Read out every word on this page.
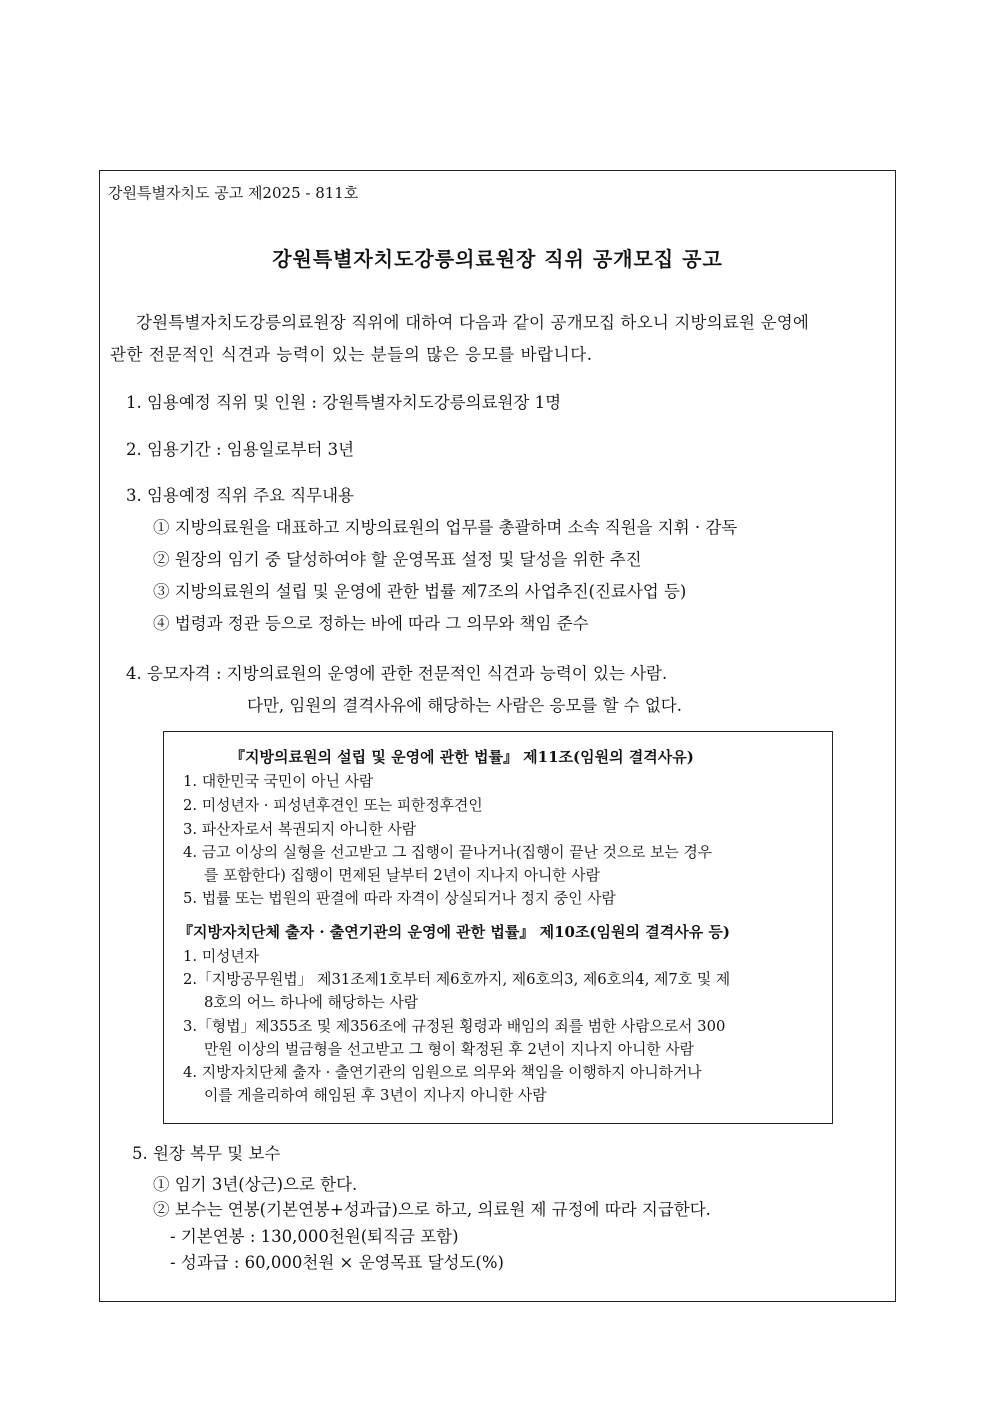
강원특별자치도 공고 제2025 - 811호
강원특별자치도강릉의료원장 직위 공개모집 공고
강원특별자치도강릉의료원장 직위에 대하여 다음과 같이 공개모집 하오니 지방의료원 운영에
관한 전문적인 식견과 능력이 있는 분들의 많은 응모를 바랍니다.
1. 임용예정 직위 및 인원 : 강원특별자치도강릉의료원장 1명
2. 임용기간 : 임용일로부터 3년
3. 임용예정 직위 주요 직무내용
① 지방의료원을 대표하고 지방의료원의 업무를 총괄하며 소속 직원을 지휘 · 감독
② 원장의 임기 중 달성하여야 할 운영목표 설정 및 달성을 위한 추진
③ 지방의료원의 설립 및 운영에 관한 법률 제7조의 사업추진(진료사업 등)
④ 법령과 정관 등으로 정하는 바에 따라 그 의무와 책임 준수
4. 응모자격 : 지방의료원의 운영에 관한 전문적인 식견과 능력이 있는 사람.
다만, 임원의 결격사유에 해당하는 사람은 응모를 할 수 없다.
『지방의료원의 설립 및 운영에 관한 법률』 제11조(임원의 결격사유)
1. 대한민국 국민이 아닌 사람
2. 미성년자 · 피성년후견인 또는 피한정후견인
3. 파산자로서 복권되지 아니한 사람
4. 금고 이상의 실형을 선고받고 그 집행이 끝나거나(집행이 끝난 것으로 보는 경우
를 포함한다) 집행이 면제된 날부터 2년이 지나지 아니한 사람
5. 법률 또는 법원의 판결에 따라 자격이 상실되거나 정지 중인 사람
『지방자치단체 출자 · 출연기관의 운영에 관한 법률』 제10조(임원의 결격사유 등)
1. 미성년자
2.「지방공무원법」 제31조제1호부터 제6호까지, 제6호의3, 제6호의4, 제7호 및 제
8호의 어느 하나에 해당하는 사람
3.「형법」제355조 및 제356조에 규정된 횡령과 배임의 죄를 범한 사람으로서 300
만원 이상의 벌금형을 선고받고 그 형이 확정된 후 2년이 지나지 아니한 사람
4. 지방자치단체 출자 · 출연기관의 임원으로 의무와 책임을 이행하지 아니하거나
이를 게을리하여 해임된 후 3년이 지나지 아니한 사람
5. 원장 복무 및 보수
① 임기 3년(상근)으로 한다.
② 보수는 연봉(기본연봉+성과급)으로 하고, 의료원 제 규정에 따라 지급한다.
- 기본연봉 : 130,000천원(퇴직금 포함)
- 성과급 : 60,000천원 × 운영목표 달성도(%)
